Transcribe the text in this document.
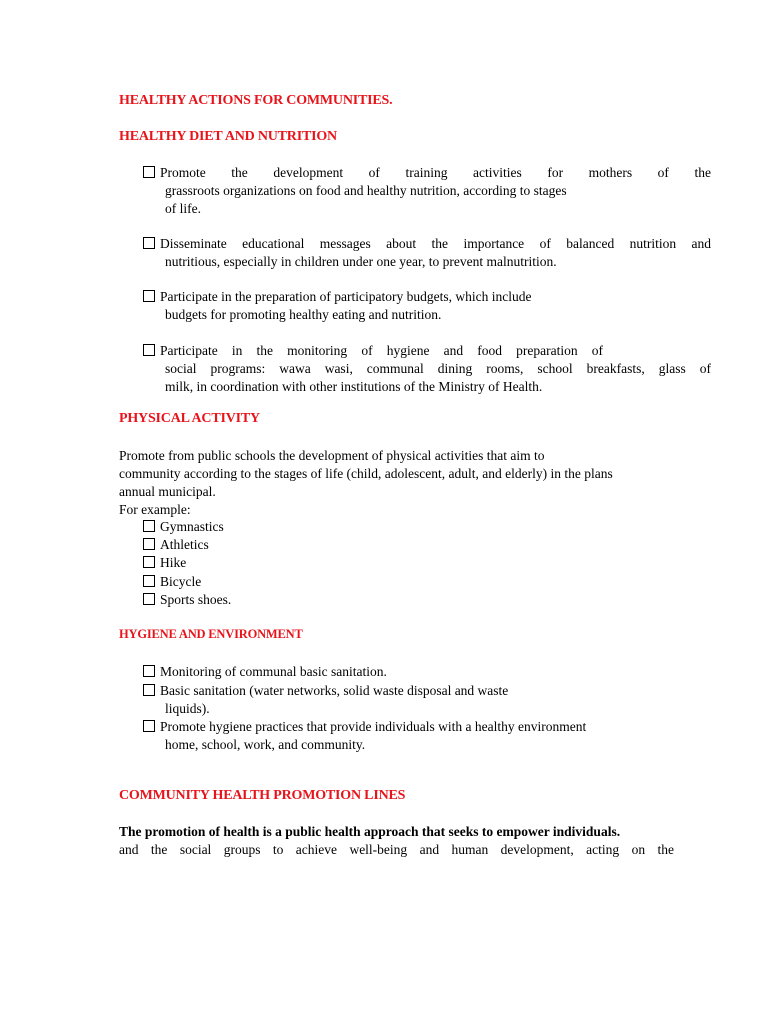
HEALTHY ACTIONS FOR COMMUNITIES.
HEALTHY DIET AND NUTRITION
Promote the development of training activities for mothers of the
grassroots organizations on food and healthy nutrition, according to stages
of life.
Disseminate educational messages about the importance of balanced nutrition and
nutritious, especially in children under one year, to prevent malnutrition.
Participate in the preparation of participatory budgets, which include
budgets for promoting healthy eating and nutrition.
Participate in the monitoring of hygiene and food preparation of
social programs: wawa wasi, communal dining rooms, school breakfasts, glass of
milk, in coordination with other institutions of the Ministry of Health.
PHYSICAL ACTIVITY
Promote from public schools the development of physical activities that aim to
community according to the stages of life (child, adolescent, adult, and elderly) in the plans
annual municipal.
For example:
Gymnastics
Athletics
Hike
Bicycle
Sports shoes.
HYGIENE AND ENVIRONMENT
Monitoring of communal basic sanitation.
Basic sanitation (water networks, solid waste disposal and waste
liquids).
Promote hygiene practices that provide individuals with a healthy environment
home, school, work, and community.
COMMUNITY HEALTH PROMOTION LINES
The promotion of health is a public health approach that seeks to empower individuals.
and the social groups to achieve well-being and human development, acting on the
